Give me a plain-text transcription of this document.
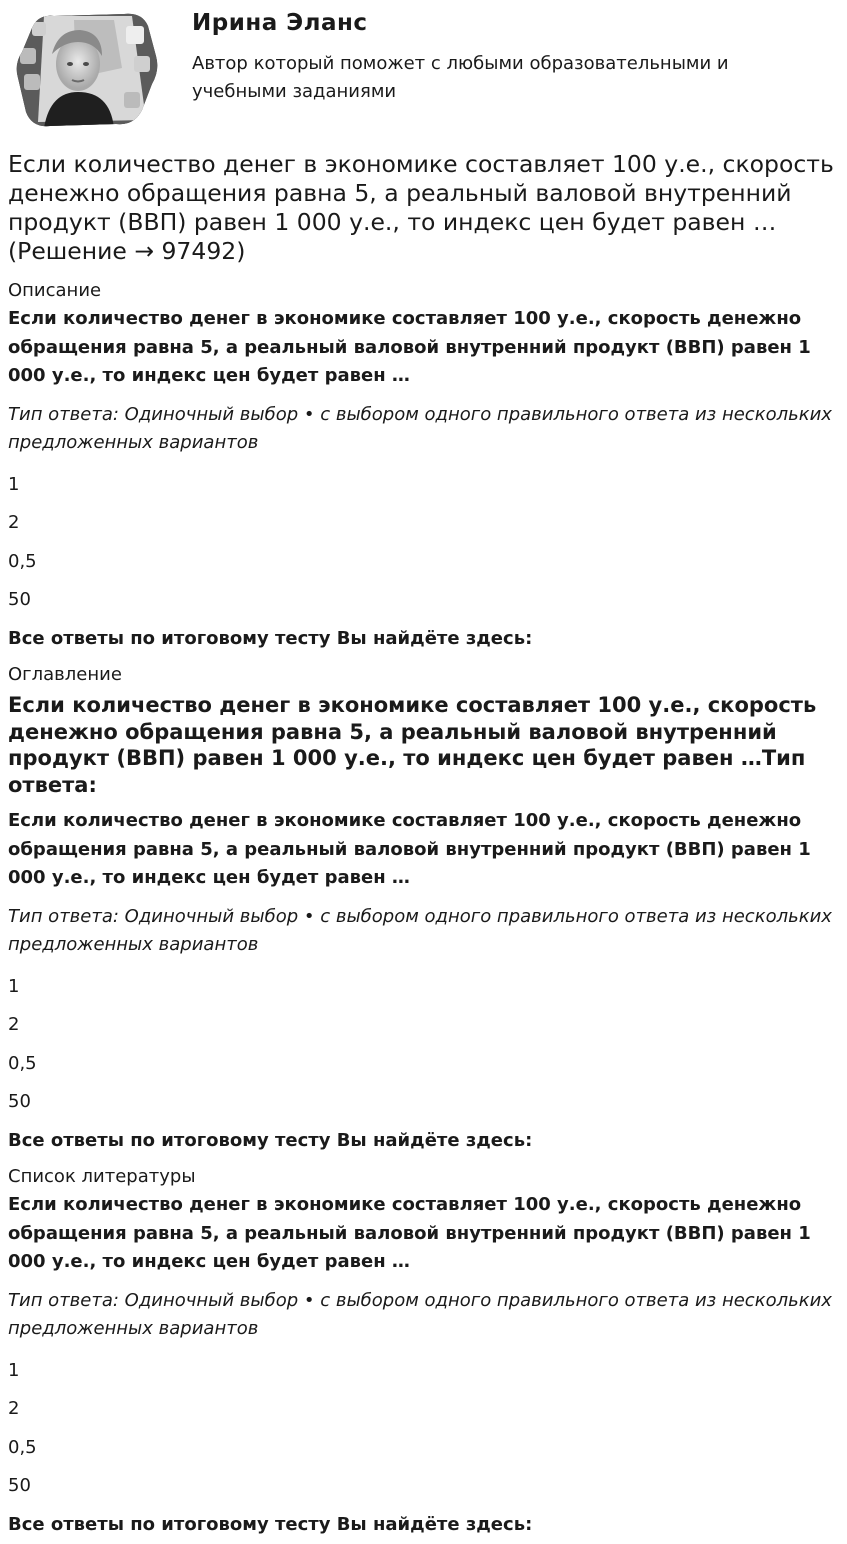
Ирина Эланс
Автор который поможет с любыми образовательными и учебными заданиями
Если количество денег в экономике составляет 100 у.е., скорость денежно обращения равна 5, а реальный валовой внутренний продукт (ВВП) равен 1 000 у.е., то индекс цен будет равен … (Решение → 97492)
Описание
Если количество денег в экономике составляет 100 у.е., скорость денежно обращения равна 5, а реальный валовой внутренний продукт (ВВП) равен 1 000 у.е., то индекс цен будет равен …
Тип ответа: Одиночный выбор • с выбором одного правильного ответа из нескольких предложенных вариантов
1
2
0,5
50
Все ответы по итоговому тесту Вы найдёте здесь:
Оглавление
Если количество денег в экономике составляет 100 у.е., скорость денежно обращения равна 5, а реальный валовой внутренний продукт (ВВП) равен 1 000 у.е., то индекс цен будет равен …Тип ответа:
Если количество денег в экономике составляет 100 у.е., скорость денежно обращения равна 5, а реальный валовой внутренний продукт (ВВП) равен 1 000 у.е., то индекс цен будет равен …
Тип ответа: Одиночный выбор • с выбором одного правильного ответа из нескольких предложенных вариантов
1
2
0,5
50
Все ответы по итоговому тесту Вы найдёте здесь:
Список литературы
Если количество денег в экономике составляет 100 у.е., скорость денежно обращения равна 5, а реальный валовой внутренний продукт (ВВП) равен 1 000 у.е., то индекс цен будет равен …
Тип ответа: Одиночный выбор • с выбором одного правильного ответа из нескольких предложенных вариантов
1
2
0,5
50
Все ответы по итоговому тесту Вы найдёте здесь:
